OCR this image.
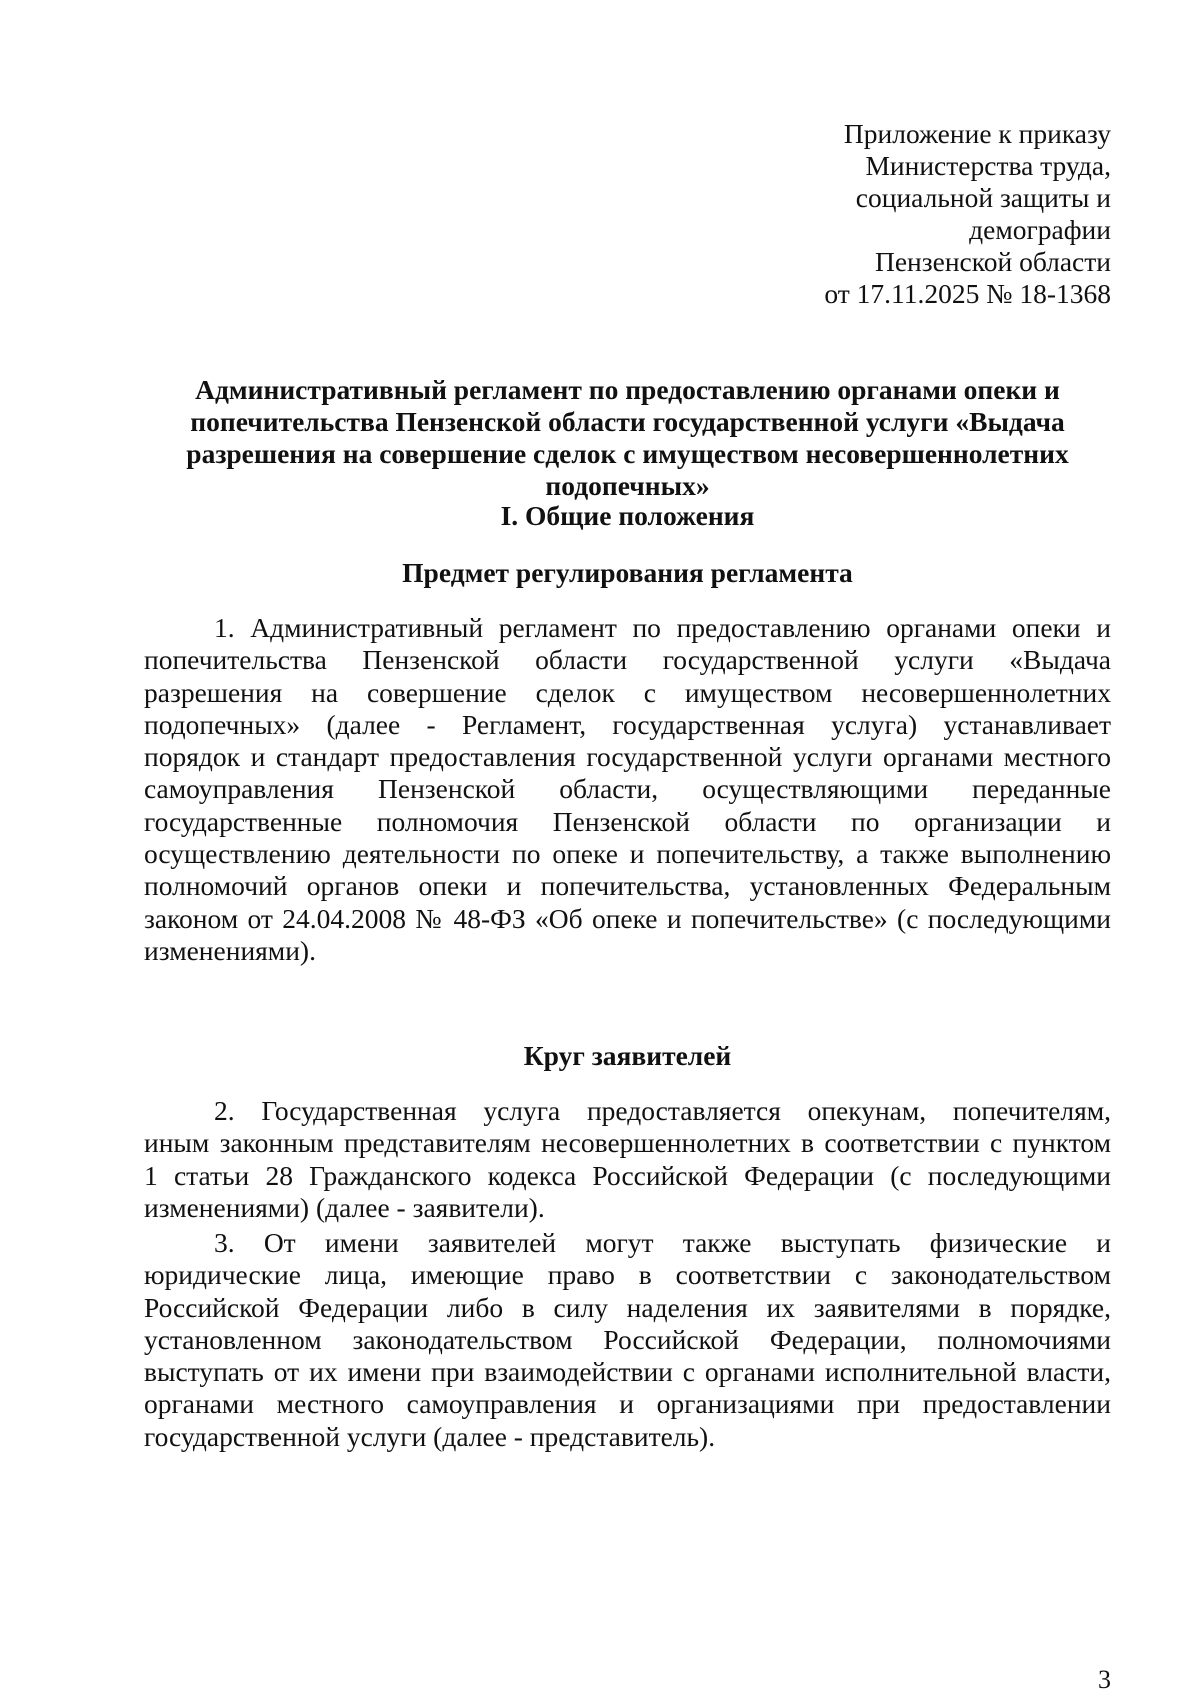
Приложение к приказу
Министерства труда,
социальной защиты и
демографии
Пензенской области
от 17.11.2025 № 18-1368
Административный регламент по предоставлению органами опеки и
попечительства Пензенской области государственной услуги «Выдача
разрешения на совершение сделок с имуществом несовершеннолетних
подопечных»
I. Общие положения
Предмет регулирования регламента
1. Административный регламент по предоставлению органами опеки и
попечительства Пензенской области государственной услуги «Выдача
разрешения на совершение сделок с имуществом несовершеннолетних
подопечных» (далее - Регламент, государственная услуга) устанавливает
порядок и стандарт предоставления государственной услуги органами местного
самоуправления Пензенской области, осуществляющими переданные
государственные полномочия Пензенской области по организации и
осуществлению деятельности по опеке и попечительству, а также выполнению
полномочий органов опеки и попечительства, установленных Федеральным
законом от 24.04.2008 № 48-ФЗ «Об опеке и попечительстве» (с последующими
изменениями).
Круг заявителей
2. Государственная услуга предоставляется опекунам, попечителям,
иным законным представителям несовершеннолетних в соответствии с пунктом
1 статьи 28 Гражданского кодекса Российской Федерации (с последующими
изменениями) (далее - заявители).
3. От имени заявителей могут также выступать физические и
юридические лица, имеющие право в соответствии с законодательством
Российской Федерации либо в силу наделения их заявителями в порядке,
установленном законодательством Российской Федерации, полномочиями
выступать от их имени при взаимодействии с органами исполнительной власти,
органами местного самоуправления и организациями при предоставлении
государственной услуги (далее - представитель).
3
